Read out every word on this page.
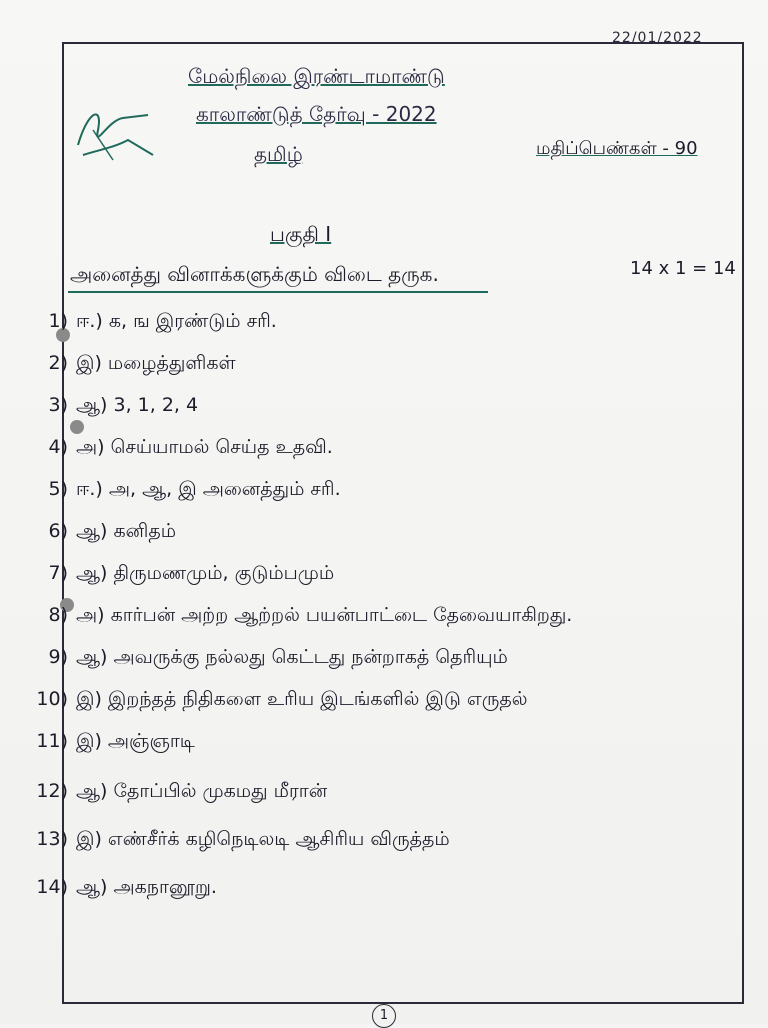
22/01/2022
மேல்நிலை இரண்டாமாண்டு
காலாண்டுத் தேர்வு - 2022
தமிழ்	மதிப்பெண்கள் - 90
பகுதி I
அனைத்து வினாக்களுக்கும் விடை தருக.	14 x 1 = 14
1) ஈ.) க, ங இரண்டும் சரி.
2) இ) மழைத்துளிகள்
3) ஆ) 3, 1, 2, 4
4) அ) செய்யாமல் செய்த உதவி.
5) ஈ.) அ, ஆ, இ அனைத்தும் சரி.
6) ஆ) கனிதம்
7) ஆ) திருமணமும், குடும்பமும்
8) அ) கார்பன் அற்ற ஆற்றல் பயன்பாட்டை தேவையாகிறது.
9) ஆ) அவருக்கு நல்லது கெட்டது நன்றாகத் தெரியும்
10) இ) இறந்தத் நிதிகளை உரிய இடங்களில் இடு எருதல்
11) இ) அஞ்ஞாடி
12) ஆ) தோப்பில் முகமது மீரான்
13) இ) எண்சீர்க் கழிநெடிலடி ஆசிரிய விருத்தம்
14) ஆ) அகநானூறு.
1
